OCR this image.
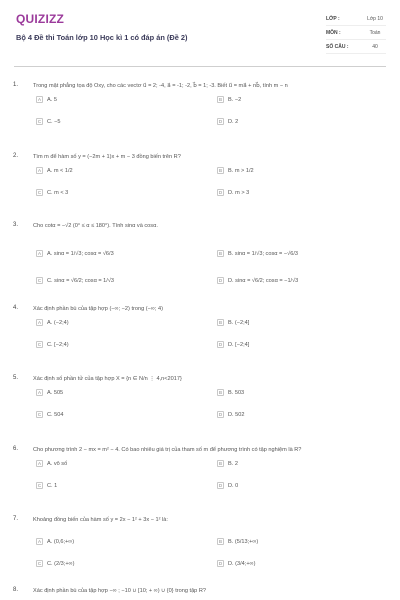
QUIZIZZ
Bộ 4 Đề thi Toán lớp 10 Học kì 1 có đáp án (Đề 2)
LỚP :	Lớp 10
MÔN :	Toán
SỐ CÂU :	40
1.	Trong mặt phẳng tọa độ Oxy, cho các vectơ u⃗ = 2; -4, a⃗ = -1; -2, b⃗ = 1; -3. Biết u⃗ = ma⃗ + nb⃗, tính m − n
A	A. 5	B	B. −2
C	C. −5	D	D. 2
2.	Tìm m để hàm số y = (−2m + 1)x + m − 3 đồng biến trên R?
A	A. m < 1/2	B	B. m > 1/2
C	C. m < 3	D	D. m > 3
3.	Cho cotα = −√2 (0° ≤ α ≤ 180°). Tính sinα và cosα.
A	A. sinα = 1/√3; cosα = √6/3	B	B. sinα = 1/√3; cosα = −√6/3
C	C. sinα = √6/2; cosα = 1/√3	D	D. sinα = √6/2; cosα = −1/√3
4.	Xác định phần bù của tập hợp (−∞; −2) trong (−∞; 4)
A	A. (−2;4)	B	B. (−2;4]
C	C. [−2;4)	D	D. [−2;4]
5.	Xác định số phần tử của tập hợp X = {n ∈ N/n ⋮ 4,n<2017}
A	A. 505	B	B. 503
C	C. 504	D	D. 502
6.	Cho phương trình 2 − mx = m² − 4. Có bao nhiêu giá trị của tham số m để phương trình có tập nghiệm là R?
A	A. vô số	B	B. 2
C	C. 1	D	D. 0
7.	Khoảng đồng biến của hàm số y = 2x − 1² + 3x − 1² là:
A	A. (0,6;+∞)	B	B. (5/13;+∞)
C	C. (2/3;+∞)	D	D. (3/4;+∞)
8.	Xác định phần bù của tập hợp −∞ ; −10 ∪ [10; + ∞) ∪ {0} trong tập R?
